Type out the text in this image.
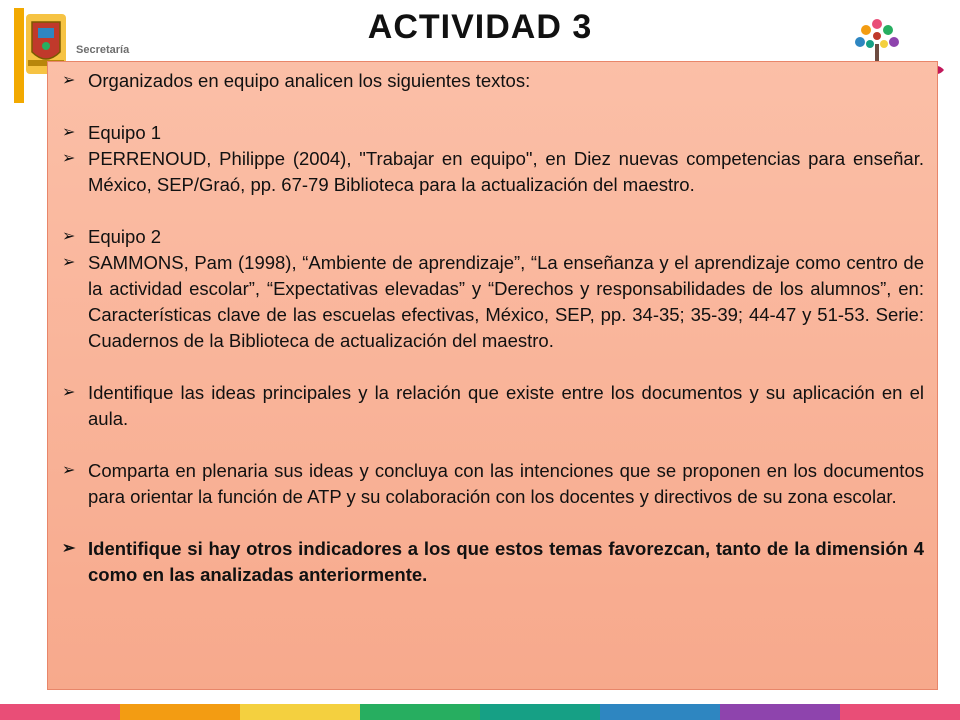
ACTIVIDAD 3
Secretaría
➢ Organizados en equipo analicen los siguientes textos:
➢ Equipo 1
➢ PERRENOUD, Philippe (2004), "Trabajar en equipo", en Diez nuevas competencias para enseñar. México, SEP/Graó, pp. 67-79 Biblioteca para la actualización del maestro.
➢ Equipo 2
➢ SAMMONS, Pam (1998), “Ambiente de aprendizaje”, “La enseñanza y el aprendizaje como centro de la actividad escolar”, “Expectativas elevadas” y “Derechos y responsabilidades de los alumnos”, en: Características clave de las escuelas efectivas, México, SEP, pp. 34-35; 35-39; 44-47 y 51-53. Serie: Cuadernos de la Biblioteca de actualización del maestro.
➢ Identifique las ideas principales y la relación que existe entre los documentos y su aplicación en el aula.
➢ Comparta en plenaria sus ideas y concluya con las intenciones que se proponen en los documentos para orientar la función de ATP y su colaboración con los docentes y directivos de su zona escolar.
➢ Identifique si hay otros indicadores a los que estos temas favorezcan, tanto de la dimensión 4 como en las analizadas anteriormente.
